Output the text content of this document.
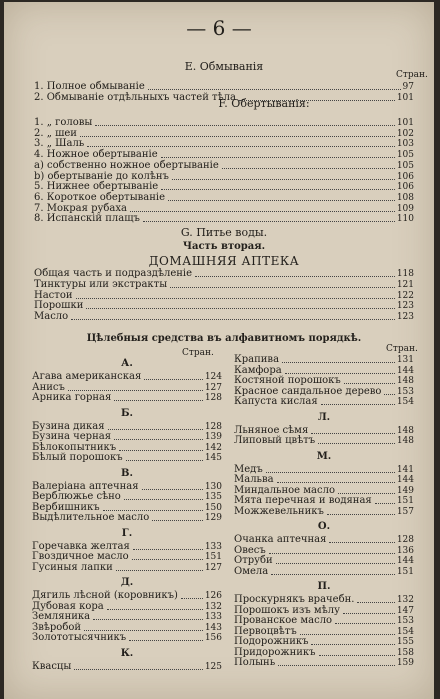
— 6 —
Е. Обмыванія
Стран.
1. Полное обмываніе	97
2. Обмываніе отдѣльныхъ частей тѣла	101
F. Обертыванія:
1. „ головы	101
2. „ шеи	102
3. „ Шаль	103
4. Ножное обертываніе	105
а) собственно ножное обертываніе	105
b) обертываніе до колѣнъ	106
5. Нижнее обертываніе	106
6. Короткое обертываніе	108
7. Мокрая рубаха	109
8. Испанскій плащъ	110
G. Питье воды.
Часть вторая.
ДОМАШНЯЯ АПТЕКА
Общая часть и подраздѣленіе	118
Тинктуры или экстракты	121
Настои	122
Порошки	123
Масло	123
Цѣлебныя средства въ алфавитномъ порядкѣ.
Стран.	Стран.
А.
Агава американская	124
Анисъ	127
Арника горная	128
Б.
Бузина дикая	128
Бузина черная	139
Бѣлокопытникъ	142
Бѣлый порошокъ	145
В.
Валеріана аптечная	130
Верблюжье сѣно	135
Вербишникъ	150
Выдѣлительное масло	129
Г.
Горечавка желтая	133
Гвоздичное масло	151
Гусиныя лапки	127
Д.
Дягиль лѣсной (коровникъ)	126
Дубовая кора	132
Земляника	133
Звѣробой	143
Золототысячникъ	156
К.
Квасцы	125
Крапива	131
Камфора	144
Костяной порошокъ	148
Красное сандальное дерево 153
Капуста кислая	154
Л.
Льняное сѣмя	148
Липовый цвѣтъ	148
М.
Медъ	141
Мальва	144
Миндальное масло	149
Мята перечная и водяная	151
Можжевельникъ	157
О.
Очанка аптечная	128
Овесъ	136
Отруби	144
Омела	151
П.
Проскурнякъ врачебн.	132
Порошокъ изъ мѣлу	147
Прованское масло	153
Первоцвѣтъ	154
Подорожникъ	155
Придорожникъ	158
Полынь	159
